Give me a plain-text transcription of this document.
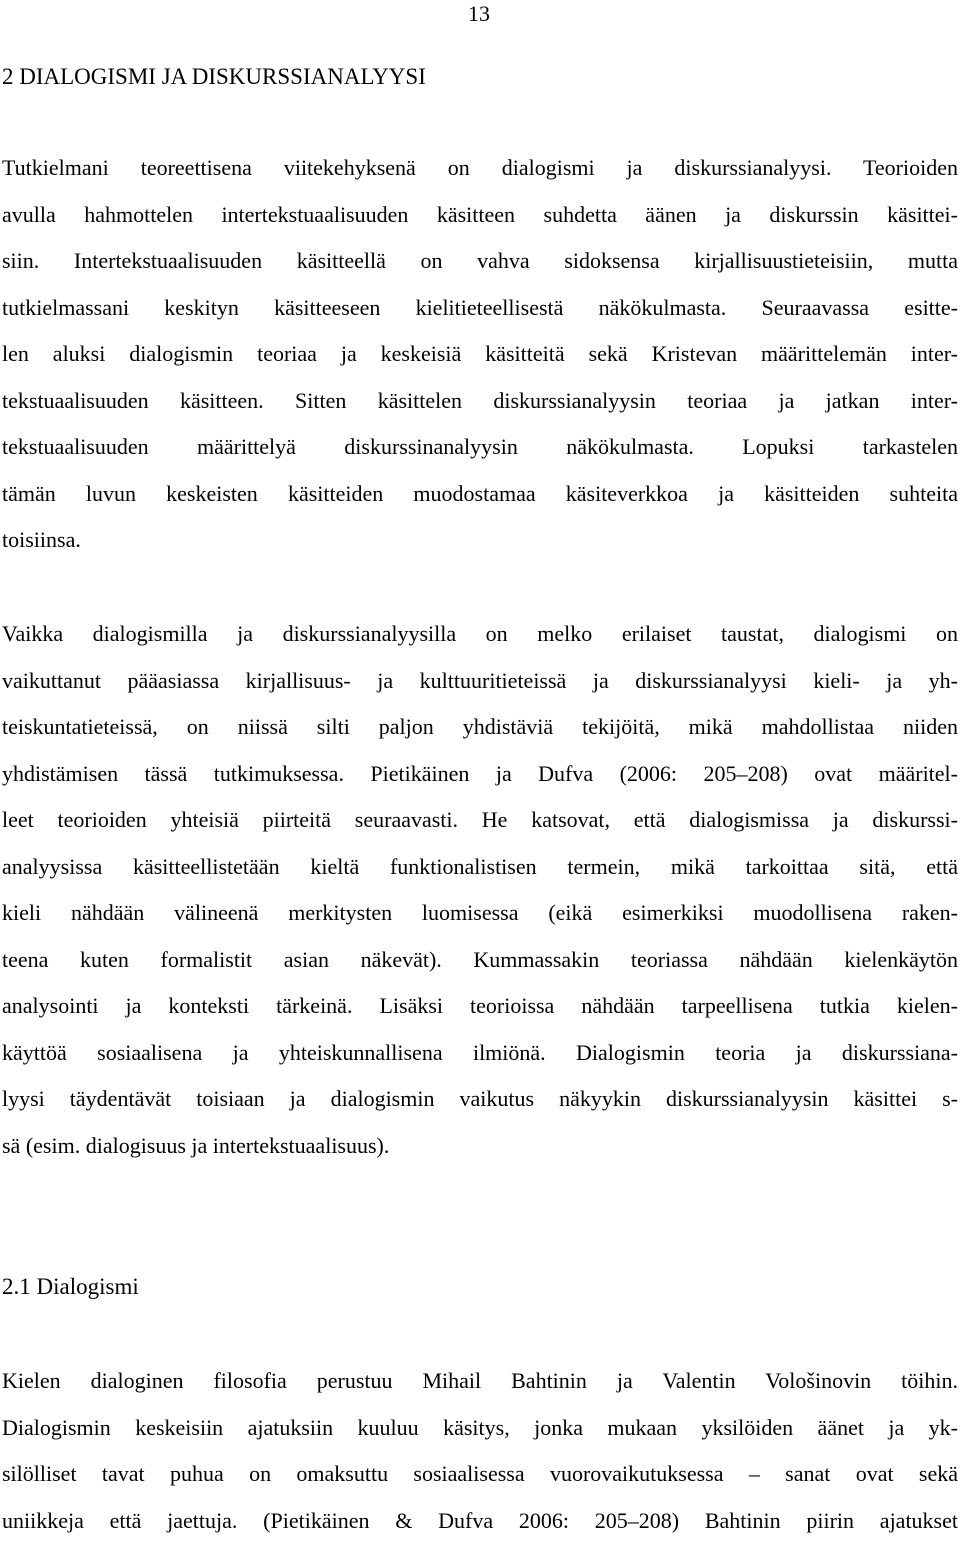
13
2 DIALOGISMI JA DISKURSSIANALYYSI
Tutkielmani teoreettisena viitekehyksenä on dialogismi ja diskurssianalyysi. Teorioiden
avulla hahmottelen intertekstuaalisuuden käsitteen suhdetta äänen ja diskurssin käsittei-
siin. Intertekstuaalisuuden käsitteellä on vahva sidoksensa kirjallisuustieteisiin, mutta
tutkielmassani keskityn käsitteeseen kielitieteellisestä näkökulmasta. Seuraavassa esitte-
len aluksi dialogismin teoriaa ja keskeisiä käsitteitä sekä Kristevan määrittelemän inter-
tekstuaalisuuden käsitteen. Sitten käsittelen diskurssianalyysin teoriaa ja jatkan inter-
tekstuaalisuuden määrittelyä diskurssinanalyysin näkökulmasta. Lopuksi tarkastelen
tämän luvun keskeisten käsitteiden muodostamaa käsiteverkkoa ja käsitteiden suhteita
toisiinsa.
Vaikka dialogismilla ja diskurssianalyysilla on melko erilaiset taustat, dialogismi on
vaikuttanut pääasiassa kirjallisuus- ja kulttuuritieteissä ja diskurssianalyysi kieli- ja yh-
teiskuntatieteissä, on niissä silti paljon yhdistäviä tekijöitä, mikä mahdollistaa niiden
yhdistämisen tässä tutkimuksessa. Pietikäinen ja Dufva (2006: 205–208) ovat määritel-
leet teorioiden yhteisiä piirteitä seuraavasti. He katsovat, että dialogismissa ja diskurssi-
analyysissa käsitteellistetään kieltä funktionalistisen termein, mikä tarkoittaa sitä, että
kieli nähdään välineenä merkitysten luomisessa (eikä esimerkiksi muodollisena raken-
teena kuten formalistit asian näkevät). Kummassakin teoriassa nähdään kielenkäytön
analysointi ja konteksti tärkeinä. Lisäksi teorioissa nähdään tarpeellisena tutkia kielen-
käyttöä sosiaalisena ja yhteiskunnallisena ilmiönä. Dialogismin teoria ja diskurssiana-
lyysi täydentävät toisiaan ja dialogismin vaikutus näkyykin diskurssianalyysin käsittei s-
sä (esim. dialogisuus ja intertekstuaalisuus).
2.1 Dialogismi
Kielen dialoginen filosofia perustuu Mihail Bahtinin ja Valentin Vološinovin töihin.
Dialogismin keskeisiin ajatuksiin kuuluu käsitys, jonka mukaan yksilöiden äänet ja yk-
silölliset tavat puhua on omaksuttu sosiaalisessa vuorovaikutuksessa – sanat ovat sekä
uniikkeja että jaettuja. (Pietikäinen & Dufva 2006: 205–208) Bahtinin piirin ajatukset
